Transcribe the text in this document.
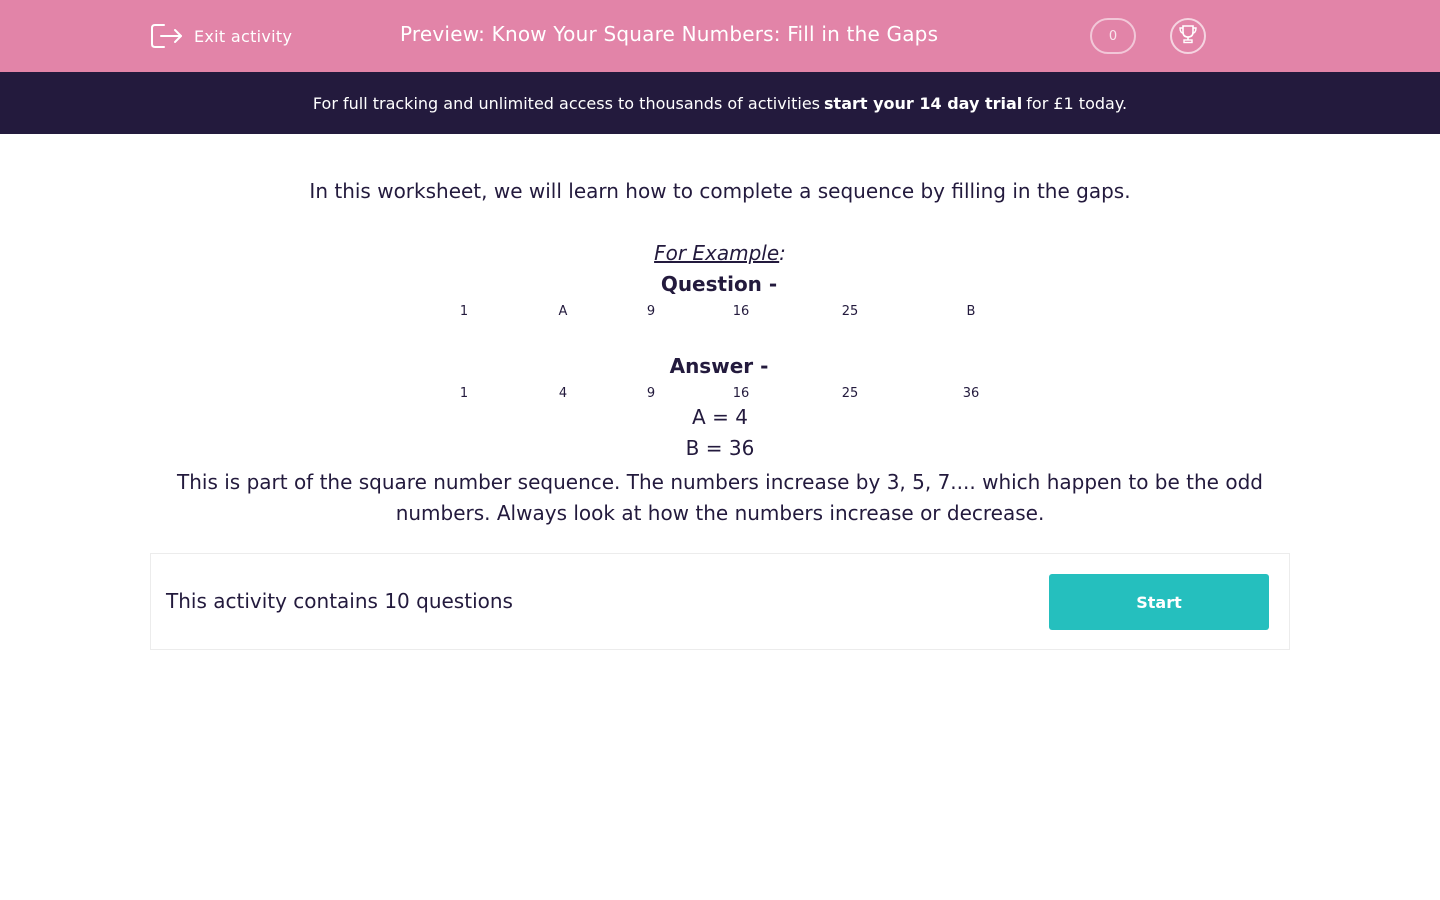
Exit activity	Preview: Know Your Square Numbers: Fill in the Gaps	0
For full tracking and unlimited access to thousands of activities start your 14 day trial for £1 today.
In this worksheet, we will learn how to complete a sequence by filling in the gaps.
For Example:
Question -
1	A	9	16	25	B
Answer -
1	4	9	16	25	36
A = 4
B = 36
This is part of the square number sequence. The numbers increase by 3, 5, 7.... which happen to be the odd numbers. Always look at how the numbers increase or decrease.
This activity contains 10 questions	Start
